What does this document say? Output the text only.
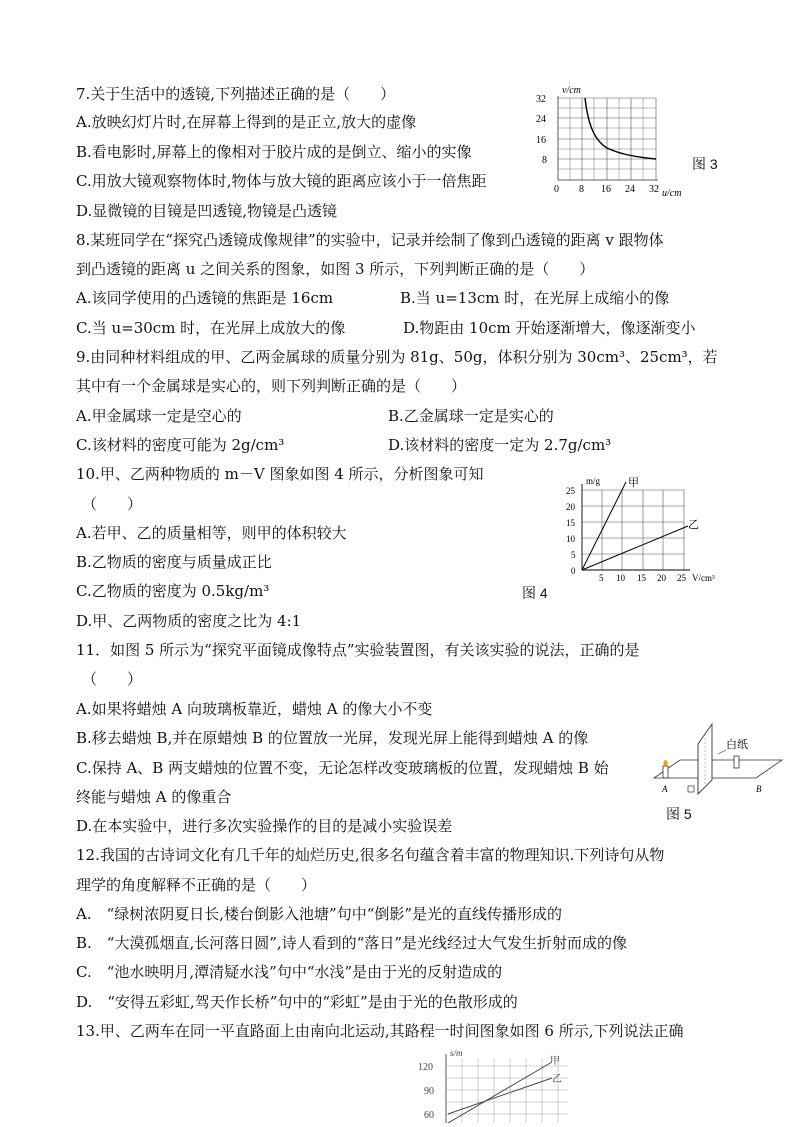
7.关于生活中的透镜,下列描述正确的是（　　）
A.放映幻灯片时,在屏幕上得到的是正立,放大的虚像
B.看电影时,屏幕上的像相对于胶片成的是倒立、缩小的实像
C.用放大镜观察物体时,物体与放大镜的距离应该小于一倍焦距
D.显微镜的目镜是凹透镜,物镜是凸透镜
v/cm
32
24
16
8
0 8 16 24 32 u/cm
图 3
8.某班同学在“探究凸透镜成像规律”的实验中，记录并绘制了像到凸透镜的距离 v 跟物体
到凸透镜的距离 u 之间关系的图象，如图 3 所示，下列判断正确的是（　　）
A.该同学使用的凸透镜的焦距是 16cm	B.当 u=13cm 时，在光屏上成缩小的像
C.当 u=30cm 时，在光屏上成放大的像	D.物距由 10cm 开始逐渐增大，像逐渐变小
9.由同种材料组成的甲、乙两金属球的质量分别为 81g、50g，体积分别为 30cm³、25cm³，若
其中有一个金属球是实心的，则下列判断正确的是（　　）
A.甲金属球一定是空心的	B.乙金属球一定是实心的
C.该材料的密度可能为 2g/cm³	D.该材料的密度一定为 2.7g/cm³
10.甲、乙两种物质的 m－V 图象如图 4 所示，分析图象可知
（　　）
A.若甲、乙的质量相等，则甲的体积较大
B.乙物质的密度与质量成正比
C.乙物质的密度为 0.5kg/m³
D.甲、乙两物质的密度之比为 4:1
m/g	甲
乙
25
20
15
10
5
0
5 10 15 20 25 V/cm³
图 4
11．如图 5 所示为“探究平面镜成像特点”实验装置图，有关该实验的说法，正确的是
（　　）
A.如果将蜡烛 A 向玻璃板靠近，蜡烛 A 的像大小不变
B.移去蜡烛 B,并在原蜡烛 B 的位置放一光屏，发现光屏上能得到蜡烛 A 的像
C.保持 A、B 两支蜡烛的位置不变，无论怎样改变玻璃板的位置，发现蜡烛 B 始
终能与蜡烛 A 的像重合
D.在本实验中，进行多次实验操作的目的是减小实验误差
白纸
A	B
图 5
12.我国的古诗词文化有几千年的灿烂历史,很多名句蕴含着丰富的物理知识.下列诗句从物
理学的角度解释不正确的是（　　）
A.　“绿树浓阴夏日长,楼台倒影入池塘”句中“倒影”是光的直线传播形成的
B.　“大漠孤烟直,长河落日圆”,诗人看到的“落日”是光线经过大气发生折射而成的像
C.　“池水映明月,潭清疑水浅”句中“水浅”是由于光的反射造成的
D.　“安得五彩虹,驾天作长桥”句中的“彩虹”是由于光的色散形成的
13.甲、乙两车在同一平直路面上由南向北运动,其路程一时间图象如图 6 所示,下列说法正确
s/m
120
90
60
甲
乙
